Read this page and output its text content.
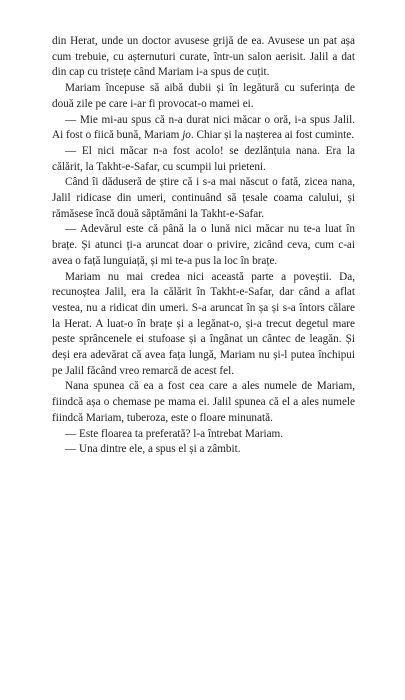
din Herat, unde un doctor avusese grijă de ea. Avusese un pat așa cum trebuie, cu așternuturi curate, într-un salon aerisit. Jalil a dat din cap cu tristețe când Mariam i-a spus de cuțit.

Mariam începuse să aibă dubii și în legătură cu suferința de două zile pe care i-ar fi provocat-o mamei ei.

— Mie mi-au spus că n-a durat nici măcar o oră, i-a spus Jalil. Ai fost o fiică bună, Mariam jo. Chiar și la nașterea ai fost cuminte.

— El nici măcar n-a fost acolo! se dezlănțuia nana. Era la călărit, la Takht-e-Safar, cu scumpii lui prieteni.

Când îi dăduseră de știre că i s-a mai născut o fată, zicea nana, Jalil ridicase din umeri, continuând să țesale coama calului, și rămăsese încă două săptămâni la Takht-e-Safar.

— Adevărul este că până la o lună nici măcar nu te-a luat în brațe. Și atunci ți-a aruncat doar o privire, zicând ceva, cum c-ai avea o față lunguiață, și mi te-a pus la loc în brațe.

Mariam nu mai credea nici această parte a poveștii. Da, recunoștea Jalil, era la călărit în Takht-e-Safar, dar când a aflat vestea, nu a ridicat din umeri. S-a aruncat în șa și s-a întors călare la Herat. A luat-o în brațe și a legănat-o, și-a trecut degetul mare peste sprâncenele ei stufoase și a îngânat un cântec de leagăn. Și deși era adevărat că avea fața lungă, Mariam nu și-l putea închipui pe Jalil făcând vreo remarcă de acest fel.

Nana spunea că ea a fost cea care a ales numele de Mariam, fiindcă așa o chemase pe mama ei. Jalil spunea că el a ales numele fiindcă Mariam, tuberoza, este o floare minunată.

— Este floarea ta preferată? l-a întrebat Mariam.

— Una dintre ele, a spus el și a zâmbit.
